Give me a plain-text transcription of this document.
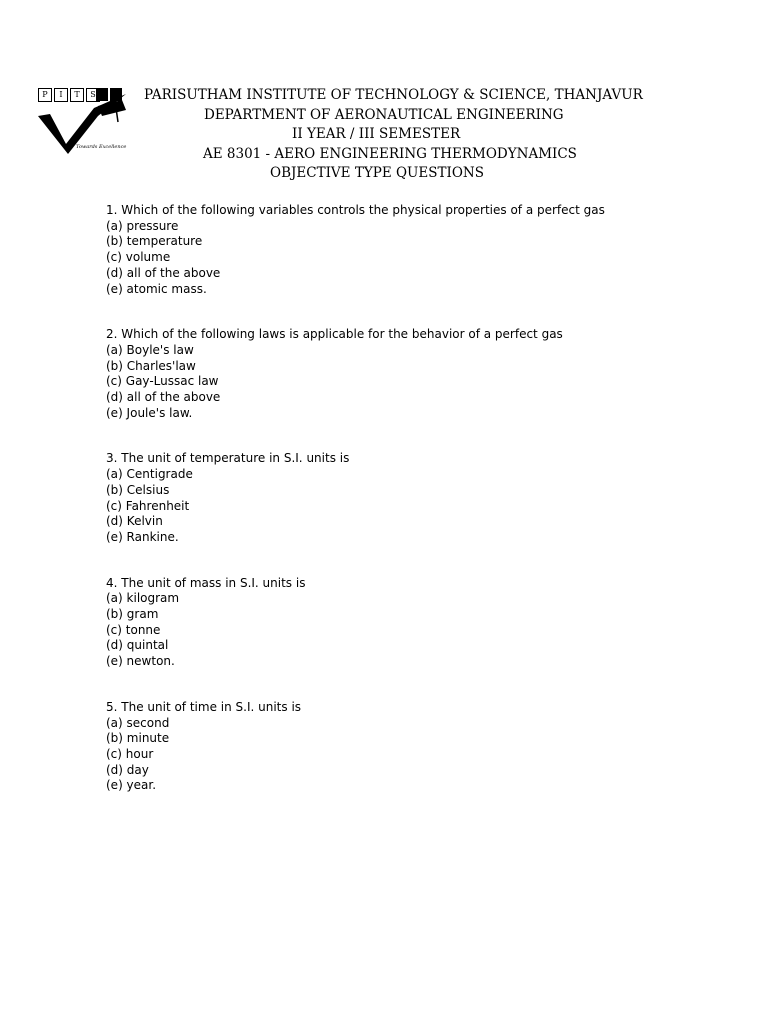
P	I	T	S
Towards Excellence
PARISUTHAM INSTITUTE OF TECHNOLOGY & SCIENCE, THANJAVUR
DEPARTMENT OF AERONAUTICAL ENGINEERING
II YEAR / III SEMESTER
AE 8301 - AERO ENGINEERING THERMODYNAMICS
OBJECTIVE TYPE QUESTIONS
1. Which of the following variables controls the physical properties of a perfect gas
(a) pressure
(b) temperature
(c) volume
(d) all of the above
(e) atomic mass.
2. Which of the following laws is applicable for the behavior of a perfect gas
(a) Boyle's law
(b) Charles'law
(c) Gay-Lussac law
(d) all of the above
(e) Joule's law.
3. The unit of temperature in S.I. units is
(a) Centigrade
(b) Celsius
(c) Fahrenheit
(d) Kelvin
(e) Rankine.
4. The unit of mass in S.I. units is
(a) kilogram
(b) gram
(c) tonne
(d) quintal
(e) newton.
5. The unit of time in S.I. units is
(a) second
(b) minute
(c) hour
(d) day
(e) year.
